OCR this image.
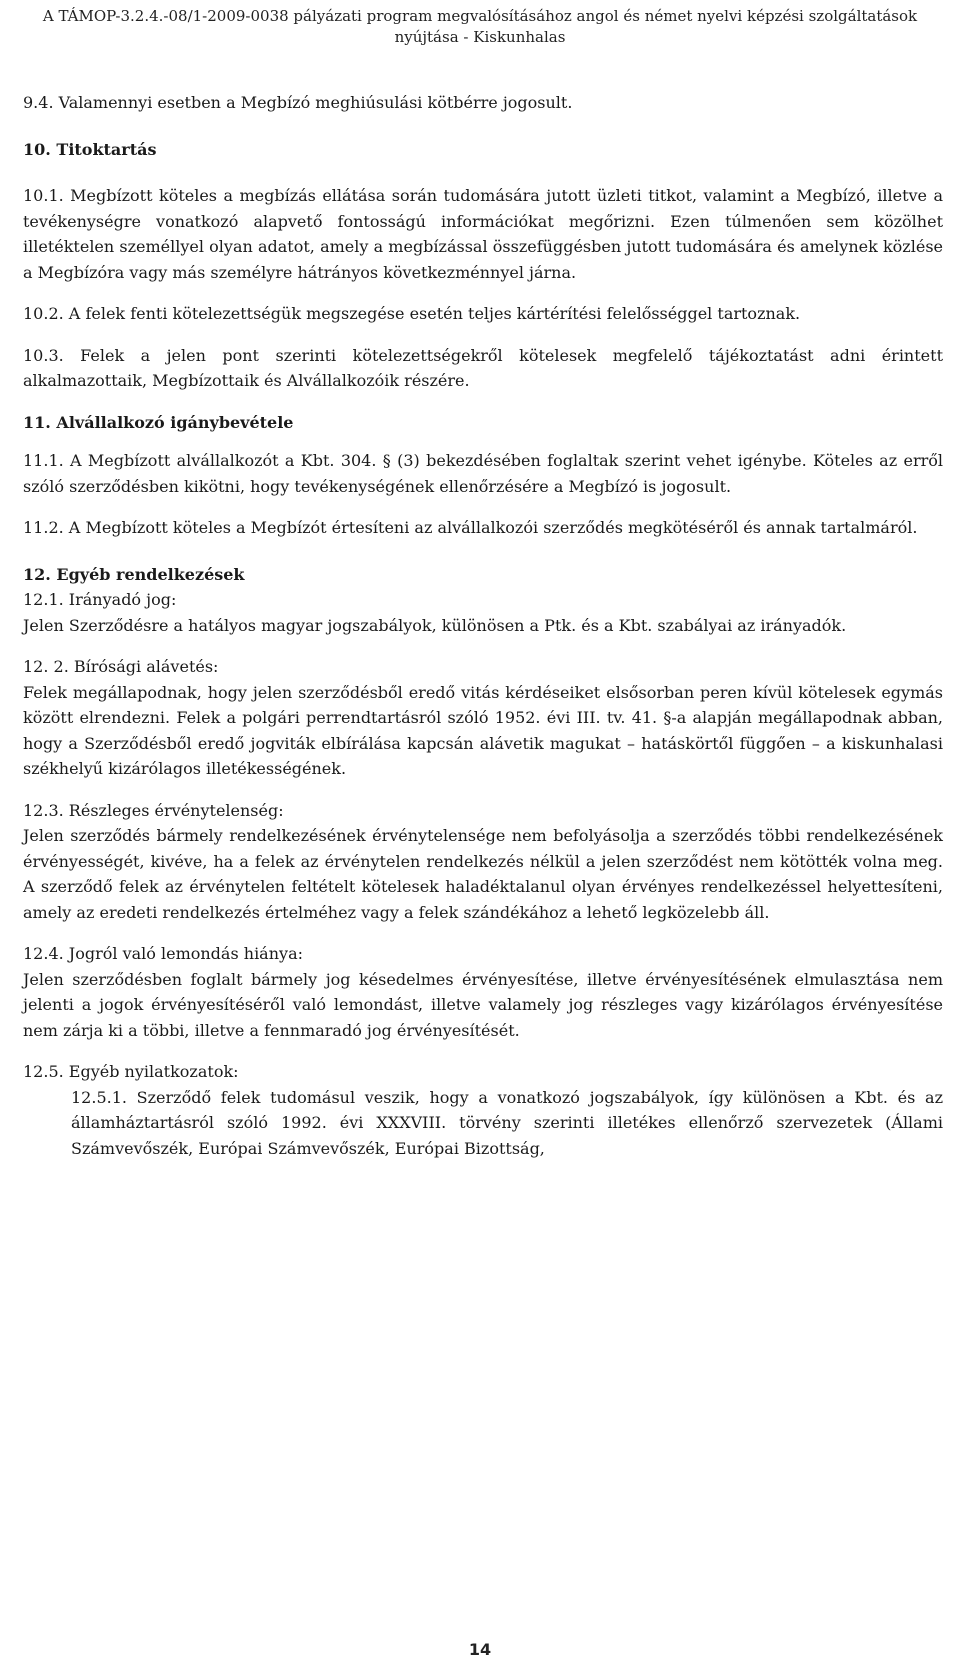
A TÁMOP-3.2.4.-08/1-2009-0038 pályázati program megvalósításához angol és német nyelvi képzési szolgáltatások
nyújtása - Kiskunhalas

9.4. Valamennyi esetben a Megbízó meghiúsulási kötbérre jogosult.

10. Titoktartás

10.1. Megbízott köteles a megbízás ellátása során tudomására jutott üzleti titkot, valamint a Megbízó, illetve a tevékenységre vonatkozó alapvető fontosságú információkat megőrizni. Ezen túlmenően sem közölhet illetéktelen személlyel olyan adatot, amely a megbízással összefüggésben jutott tudomására és amelynek közlése a Megbízóra vagy más személyre hátrányos következménnyel járna.

10.2. A felek fenti kötelezettségük megszegése esetén teljes kártérítési felelősséggel tartoznak.

10.3. Felek a jelen pont szerinti kötelezettségekről kötelesek megfelelő tájékoztatást adni érintett alkalmazottaik, Megbízottaik és Alvállalkozóik részére.

11. Alvállalkozó igánybevétele

11.1. A Megbízott alvállalkozót a Kbt. 304. § (3) bekezdésében foglaltak szerint vehet igénybe. Köteles az erről szóló szerződésben kikötni, hogy tevékenységének ellenőrzésére a Megbízó is jogosult.

11.2. A Megbízott köteles a Megbízót értesíteni az alvállalkozói szerződés megkötéséről és annak tartalmáról.

12. Egyéb rendelkezések

12.1. Irányadó jog:

Jelen Szerződésre a hatályos magyar jogszabályok, különösen a Ptk. és a Kbt. szabályai az irányadók.

12. 2. Bírósági alávetés:

Felek megállapodnak, hogy jelen szerződésből eredő vitás kérdéseiket elsősorban peren kívül kötelesek egymás között elrendezni. Felek a polgári perrendtartásról szóló 1952. évi III. tv. 41. §-a alapján megállapodnak abban, hogy a Szerződésből eredő jogviták elbírálása kapcsán alávetik magukat – hatáskörtől függően – a kiskunhalasi székhelyű kizárólagos illetékességének.

12.3. Részleges érvénytelenség:

Jelen szerződés bármely rendelkezésének érvénytelensége nem befolyásolja a szerződés többi rendelkezésének érvényességét, kivéve, ha a felek az érvénytelen rendelkezés nélkül a jelen szerződést nem kötötték volna meg. A szerződő felek az érvénytelen feltételt kötelesek haladéktalanul olyan érvényes rendelkezéssel helyettesíteni, amely az eredeti rendelkezés értelméhez vagy a felek szándékához a lehető legközelebb áll.

12.4. Jogról való lemondás hiánya:

Jelen szerződésben foglalt bármely jog késedelmes érvényesítése, illetve érvényesítésének elmulasztása nem jelenti a jogok érvényesítéséről való lemondást, illetve valamely jog részleges vagy kizárólagos érvényesítése nem zárja ki a többi, illetve a fennmaradó jog érvényesítését.

12.5. Egyéb nyilatkozatok:

12.5.1. Szerződő felek tudomásul veszik, hogy a vonatkozó jogszabályok, így különösen a Kbt. és az államháztartásról szóló 1992. évi XXXVIII. törvény szerinti illetékes ellenőrző szervezetek (Állami Számvevőszék, Európai Számvevőszék, Európai Bizottság,

14
